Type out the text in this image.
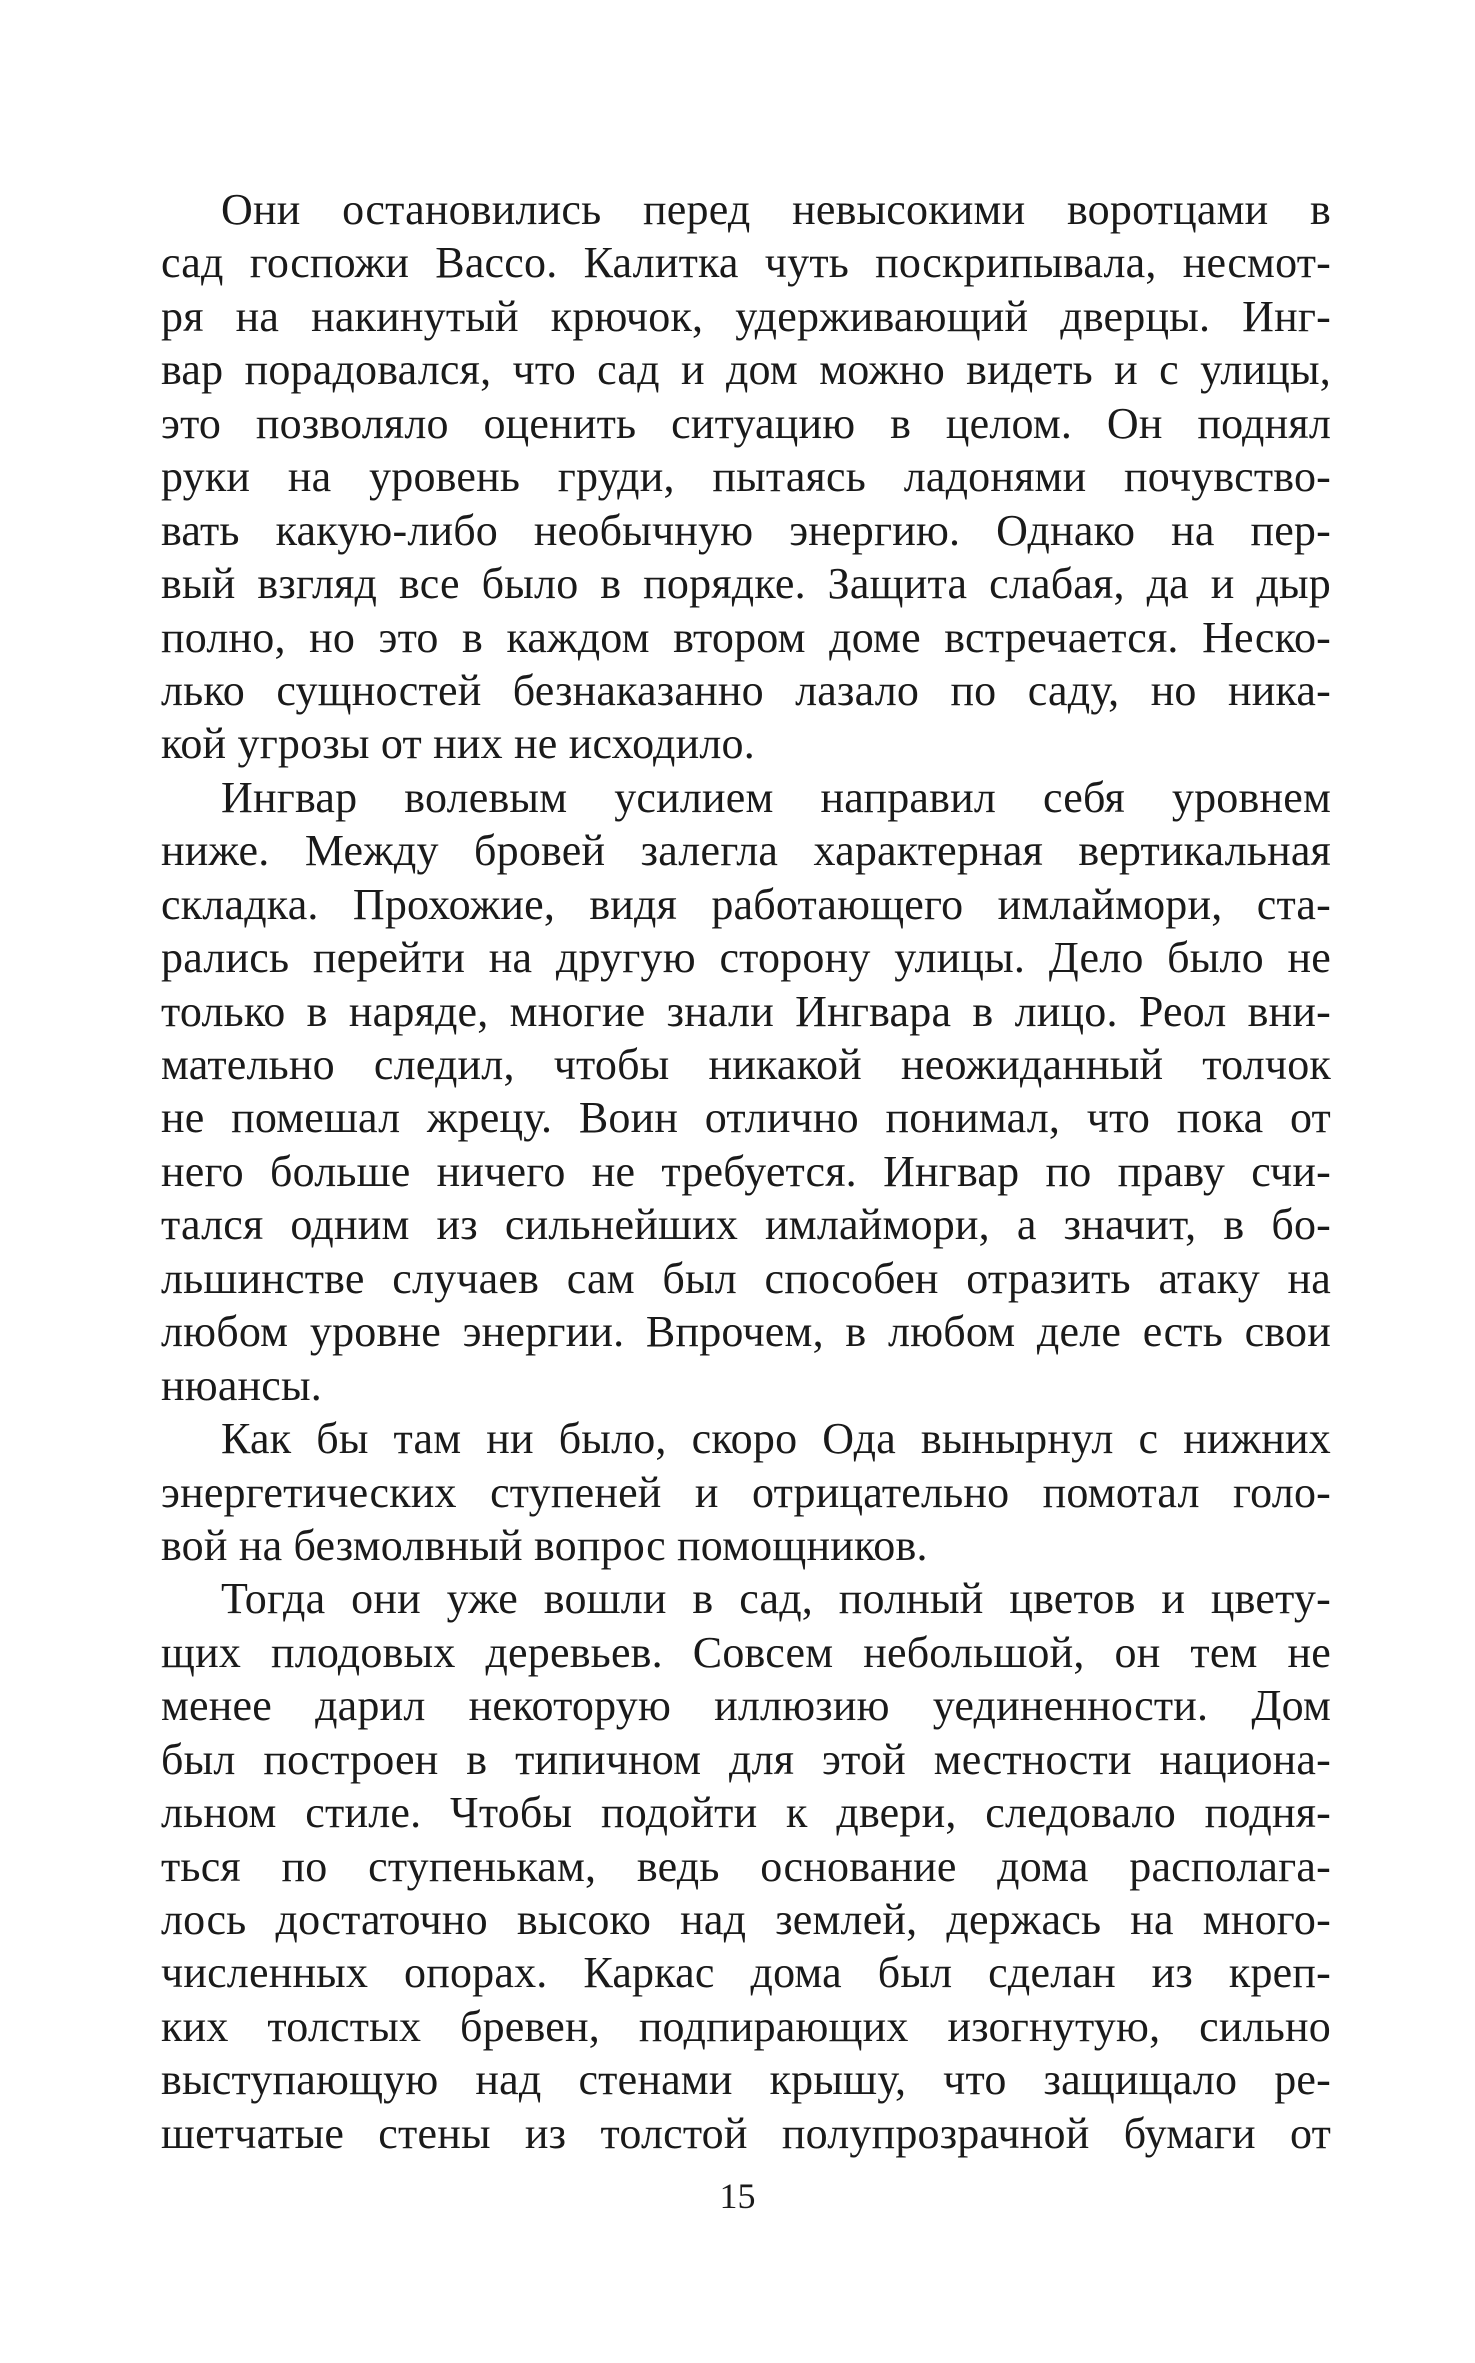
Они остановились перед невысокими воротцами в
сад госпожи Вассо. Калитка чуть поскрипывала, несмот-
ря на накинутый крючок, удерживающий дверцы. Инг-
вар порадовался, что сад и дом можно видеть и с улицы,
это позволяло оценить ситуацию в целом. Он поднял
руки на уровень груди, пытаясь ладонями почувство-
вать какую-либо необычную энергию. Однако на пер-
вый взгляд все было в порядке. Защита слабая, да и дыр
полно, но это в каждом втором доме встречается. Неско-
лько сущностей безнаказанно лазало по саду, но ника-
кой угрозы от них не исходило.
Ингвар волевым усилием направил себя уровнем
ниже. Между бровей залегла характерная вертикальная
складка. Прохожие, видя работающего имлаймори, ста-
рались перейти на другую сторону улицы. Дело было не
только в наряде, многие знали Ингвара в лицо. Реол вни-
мательно следил, чтобы никакой неожиданный толчок
не помешал жрецу. Воин отлично понимал, что пока от
него больше ничего не требуется. Ингвар по праву счи-
тался одним из сильнейших имлаймори, а значит, в бо-
льшинстве случаев сам был способен отразить атаку на
любом уровне энергии. Впрочем, в любом деле есть свои
нюансы.
Как бы там ни было, скоро Ода вынырнул с нижних
энергетических ступеней и отрицательно помотал голо-
вой на безмолвный вопрос помощников.
Тогда они уже вошли в сад, полный цветов и цвету-
щих плодовых деревьев. Совсем небольшой, он тем не
менее дарил некоторую иллюзию уединенности. Дом
был построен в типичном для этой местности национа-
льном стиле. Чтобы подойти к двери, следовало подня-
ться по ступенькам, ведь основание дома располага-
лось достаточно высоко над землей, держась на много-
численных опорах. Каркас дома был сделан из креп-
ких толстых бревен, подпирающих изогнутую, сильно
выступающую над стенами крышу, что защищало ре-
шетчатые стены из толстой полупрозрачной бумаги от
15
